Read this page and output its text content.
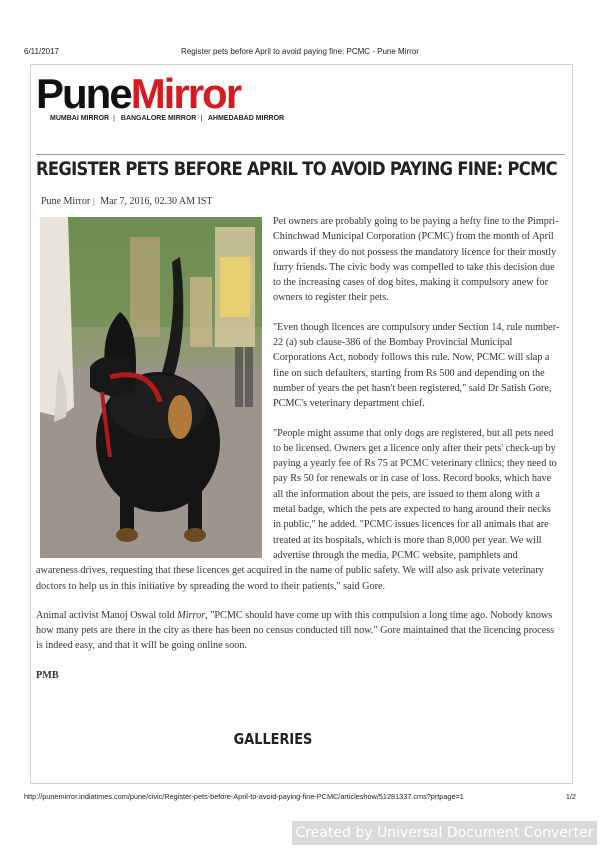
6/11/2017	Register pets before April to avoid paying fine: PCMC - Pune Mirror
PuneMirror
MUMBAI MIRROR | BANGALORE MIRROR | AHMEDABAD MIRROR
REGISTER PETS BEFORE APRIL TO AVOID PAYING FINE: PCMC
Pune Mirror | Mar 7, 2016, 02.30 AM IST

Pet owners are probably going to be paying a hefty fine to the Pimpri-Chinchwad Municipal Corporation (PCMC) from the month of April onwards if they do not possess the mandatory licence for their mostly furry friends. The civic body was compelled to take this decision due to the increasing cases of dog bites, making it compulsory anew for owners to register their pets.

"Even though licences are compulsory under Section 14, rule number-22 (a) sub clause-386 of the Bombay Provincial Municipal Corporations Act, nobody follows this rule. Now, PCMC will slap a fine on such defaulters, starting from Rs 500 and depending on the number of years the pet hasn't been registered," said Dr Satish Gore, PCMC's veterinary department chief.

"People might assume that only dogs are registered, but all pets need to be licensed. Owners get a licence only after their pets' check-up by paying a yearly fee of Rs 75 at PCMC veterinary clinics; they need to pay Rs 50 for renewals or in case of loss. Record books, which have all the information about the pets, are issued to them along with a metal badge, which the pets are expected to hang around their necks in public," he added. "PCMC issues licences for all animals that are treated at its hospitals, which is more than 8,000 per year. We will advertise through the media, PCMC website, pamphlets and awareness drives, requesting that these licences get acquired in the name of public safety. We will also ask private veterinary doctors to help us in this initiative by spreading the word to their patients," said Gore.

Animal activist Manoj Oswal told Mirror, "PCMC should have come up with this compulsion a long time ago. Nobody knows how many pets are there in the city as there has been no census conducted till now." Gore maintained that the licencing process is indeed easy, and that it will be going online soon.

PMB

GALLERIES
http://punemirror.indiatimes.com/pune/civic/Register-pets-before-April-to-avoid-paying-fine-PCMC/articleshow/51281337.cms?prtpage=1	1/2
Created by Universal Document Converter
